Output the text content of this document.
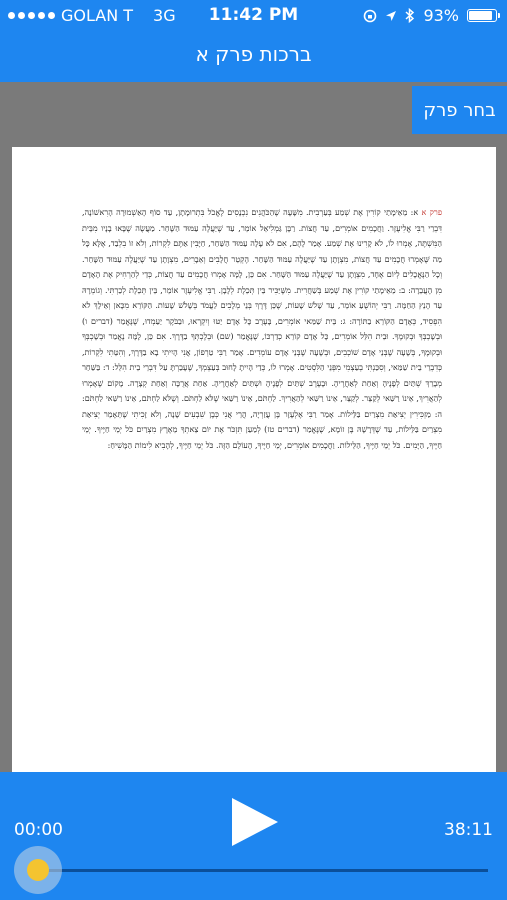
GOLAN T 3G	11:42 PM	93%
ברכות פרק א
בחר פרק
פרק א א: מֵאֵימָתַי קוֹרִין אֶת שְׁמַע בְּעַרְבִית. מִשָּׁעָה שֶׁהַכֹּהֲנִים נִכְנָסִים לֶאֱכֹל בִּתְרוּמָתָן, עַד סוֹף הָאַשְׁמוּרָה הָרִאשׁוֹנָה, דִּבְרֵי רַבִּי אֱלִיעֶזֶר. וַחֲכָמִים אוֹמְרִים, עַד חֲצוֹת. רַבָּן גַּמְלִיאֵל אוֹמֵר, עַד שֶׁיַּעֲלֶה עַמּוּד הַשָּׁחַר. מַעֲשֶׂה שֶׁבָּאוּ בָנָיו מִבֵּית הַמִּשְׁתֶּה, אָמְרוּ לוֹ, לֹא קָרִינוּ אֶת שְׁמַע. אָמַר לָהֶם, אִם לֹא עָלָה עַמּוּד הַשַּׁחַר, חַיָּבִין אַתֶּם לִקְרוֹת, וְלֹא זוֹ בִלְבַד, אֶלָּא כָּל מַה שֶּׁאָמְרוּ חֲכָמִים עַד חֲצוֹת, מִצְוָתָן עַד שֶׁיַּעֲלֶה עַמּוּד הַשָּׁחַר. הֶקְטֵר חֲלָבִים וְאֵבָרִים, מִצְוָתָן עַד שֶׁיַּעֲלֶה עַמּוּד הַשָּׁחַר. וְכָל הַנֶּאֱכָלִים לְיוֹם אֶחָד, מִצְוָתָן עַד שֶׁיַּעֲלֶה עַמּוּד הַשָּׁחַר. אִם כֵּן, לָמָּה אָמְרוּ חֲכָמִים עַד חֲצוֹת, כְּדֵי לְהַרְחִיק אֶת הָאָדָם מִן הָעֲבֵרָה: ב: מֵאֵימָתַי קוֹרִין אֶת שְׁמַע בְּשַׁחֲרִית. מִשֶּׁיַּכִּיר בֵּין תְּכֵלֶת לְלָבָן. רַבִּי אֱלִיעֶזֶר אוֹמֵר, בֵּין תְּכֵלֶת לְכַרְתִּי. וְגוֹמְרָהּ עַד הָנֵץ הַחַמָּה. רַבִּי יְהוֹשֻׁעַ אוֹמֵר, עַד שָׁלֹשׁ שָׁעוֹת, שֶׁכֵּן דֶּרֶךְ בְּנֵי מְלָכִים לַעֲמֹד בְּשָׁלֹשׁ שָׁעוֹת. הַקּוֹרֵא מִכָּאן וְאֵילָךְ לֹא הִפְסִיד, כְּאָדָם הַקּוֹרֵא בַתּוֹרָה: ג: בֵּית שַׁמַּאי אוֹמְרִים, בָּעֶרֶב כָּל אָדָם יַטּוּ וְיִקְרְאוּ, וּבַבֹּקֶר יַעַמְדוּ, שֶׁנֶּאֱמַר (דברים ו) וּבְשָׁכְבְּךָ וּבְקוּמֶךָ. וּבֵית הִלֵּל אוֹמְרִים, כָּל אָדָם קוֹרֵא כְדַרְכּוֹ, שֶׁנֶּאֱמַר (שם) וּבְלֶכְתְּךָ בַדֶּרֶךְ. אִם כֵּן, לָמָּה נֶאֱמַר וּבְשָׁכְבְּךָ וּבְקוּמֶךָ, בְּשָׁעָה שֶׁבְּנֵי אָדָם שׁוֹכְבִים, וּבְשָׁעָה שֶׁבְּנֵי אָדָם עוֹמְדִים. אָמַר רַבִּי טַרְפוֹן, אֲנִי הָיִיתִי בָא בַדֶּרֶךְ, וְהִטֵּתִי לִקְרוֹת, כְּדִבְרֵי בֵית שַׁמַּאי, וְסִכַּנְתִּי בְעַצְמִי מִפְּנֵי הַלִּסְטִים. אָמְרוּ לוֹ, כְּדַי הָיִיתָ לָחוּב בְּעַצְמְךָ, שֶׁעָבַרְתָּ עַל דִּבְרֵי בֵית הִלֵּל: ד: בַּשַּׁחַר מְבָרֵךְ שְׁתַּיִם לְפָנֶיהָ וְאַחַת לְאַחֲרֶיהָ. וּבָעֶרֶב שְׁתַּיִם לְפָנֶיהָ וּשְׁתַּיִם לְאַחֲרֶיהָ. אַחַת אֲרֻכָּה וְאַחַת קְצָרָה. מָקוֹם שֶׁאָמְרוּ לְהַאֲרִיךְ, אֵינוֹ רַשַּׁאי לְקַצֵּר. לְקַצֵּר, אֵינוֹ רַשַּׁאי לְהַאֲרִיךְ. לַחְתֹּם, אֵינוֹ רַשַּׁאי שֶׁלֹּא לַחְתֹּם. וְשֶׁלֹּא לַחְתֹּם, אֵינוֹ רַשַּׁאי לַחְתֹּם: ה: מַזְכִּירִין יְצִיאַת מִצְרַיִם בַּלֵּילוֹת. אָמַר רַבִּי אֶלְעָזָר בֶּן עֲזַרְיָה, הֲרֵי אֲנִי כְּבֶן שִׁבְעִים שָׁנָה, וְלֹא זָכִיתִי שֶׁתֵּאָמֵר יְצִיאַת מִצְרַיִם בַּלֵּילוֹת, עַד שֶׁדְּרָשָׁהּ בֶּן זוֹמָא, שֶׁנֶּאֱמַר (דברים טז) לְמַעַן תִּזְכֹּר אֶת יוֹם צֵאתְךָ מֵאֶרֶץ מִצְרַיִם כֹּל יְמֵי חַיֶּיךָ. יְמֵי חַיֶּיךָ, הַיָּמִים. כֹּל יְמֵי חַיֶּיךָ, הַלֵּילוֹת. וַחֲכָמִים אוֹמְרִים, יְמֵי חַיֶּיךָ, הָעוֹלָם הַזֶּה. כֹּל יְמֵי חַיֶּיךָ, לְהָבִיא לִימוֹת הַמָּשִׁיחַ:
00:00	38:11
